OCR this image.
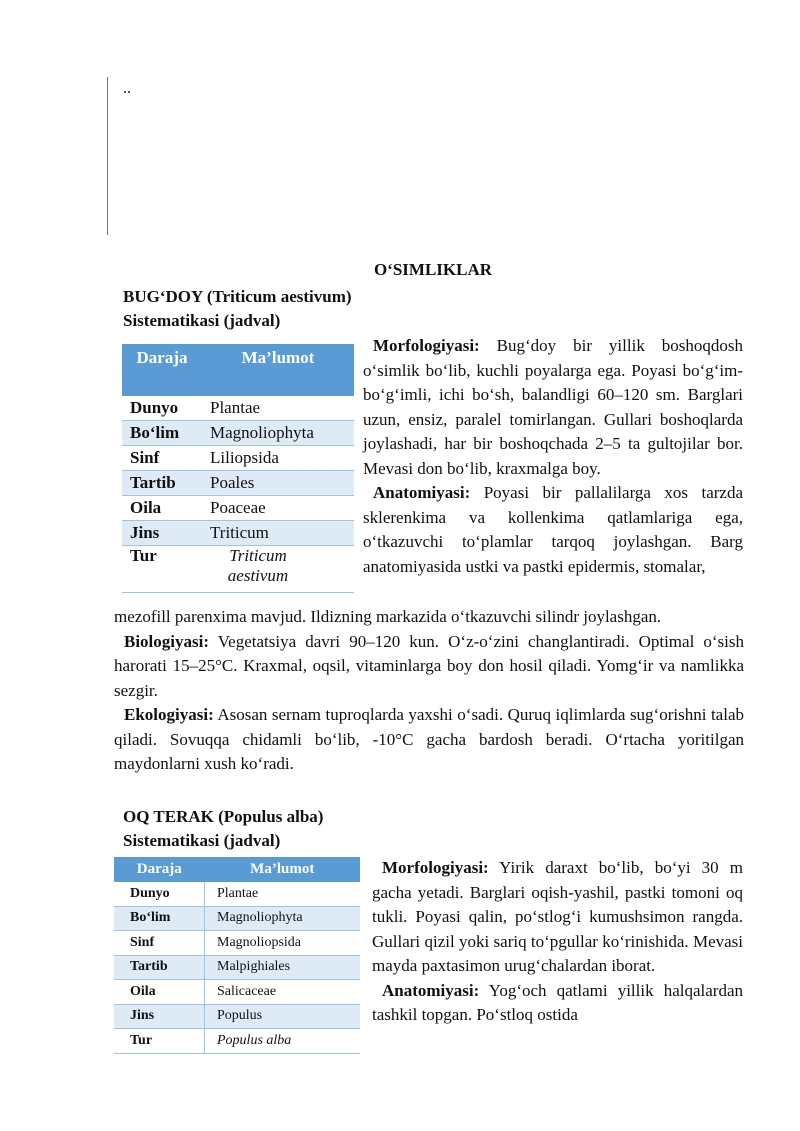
..
O‘SIMLIKLAR
BUG‘DOY (Triticum aestivum)
Sistematikasi (jadval)
Daraja	Ma’lumot
Dunyo	Plantae
Bo‘lim	Magnoliophyta
Sinf	Liliopsida
Tartib	Poales
Oila	Poaceae
Jins	Triticum
Tur	Triticum aestivum
Morfologiyasi: Bug‘doy bir yillik boshoqdosh o‘simlik bo‘lib, kuchli poyalarga ega. Poyasi bo‘g‘im-bo‘g‘imli, ichi bo‘sh, balandligi 60–120 sm. Barglari uzun, ensiz, paralel tomirlangan. Gullari boshoqlarda joylashadi, har bir boshoqchada 2–5 ta gultojilar bor. Mevasi don bo‘lib, kraxmalga boy.
Anatomiyasi: Poyasi bir pallalilarga xos tarzda sklerenkima va kollenkima qatlamlariga ega, o‘tkazuvchi to‘plamlar tarqoq joylashgan. Barg anatomiyasida ustki va pastki epidermis, stomalar,
mezofill parenxima mavjud. Ildizning markazida o‘tkazuvchi silindr joylashgan.
Biologiyasi: Vegetatsiya davri 90–120 kun. O‘z-o‘zini changlantiradi. Optimal o‘sish harorati 15–25°C. Kraxmal, oqsil, vitaminlarga boy don hosil qiladi. Yomg‘ir va namlikka sezgir.
Ekologiyasi: Asosan sernam tuproqlarda yaxshi o‘sadi. Quruq iqlimlarda sug‘orishni talab qiladi. Sovuqqa chidamli bo‘lib, -10°C gacha bardosh beradi. O‘rtacha yoritilgan maydonlarni xush ko‘radi.
OQ TERAK (Populus alba)
Sistematikasi (jadval)
Daraja	Ma’lumot
Dunyo	Plantae
Bo‘lim	Magnoliophyta
Sinf	Magnoliopsida
Tartib	Malpighiales
Oila	Salicaceae
Jins	Populus
Tur	Populus alba
Morfologiyasi: Yirik daraxt bo‘lib, bo‘yi 30 m gacha yetadi. Barglari oqish-yashil, pastki tomoni oq tukli. Poyasi qalin, po‘stlog‘i kumushsimon rangda. Gullari qizil yoki sariq to‘pgullar ko‘rinishida. Mevasi mayda paxtasimon urug‘chalardan iborat.
Anatomiyasi: Yog‘och qatlami yillik halqalardan tashkil topgan. Po‘stloq ostida
